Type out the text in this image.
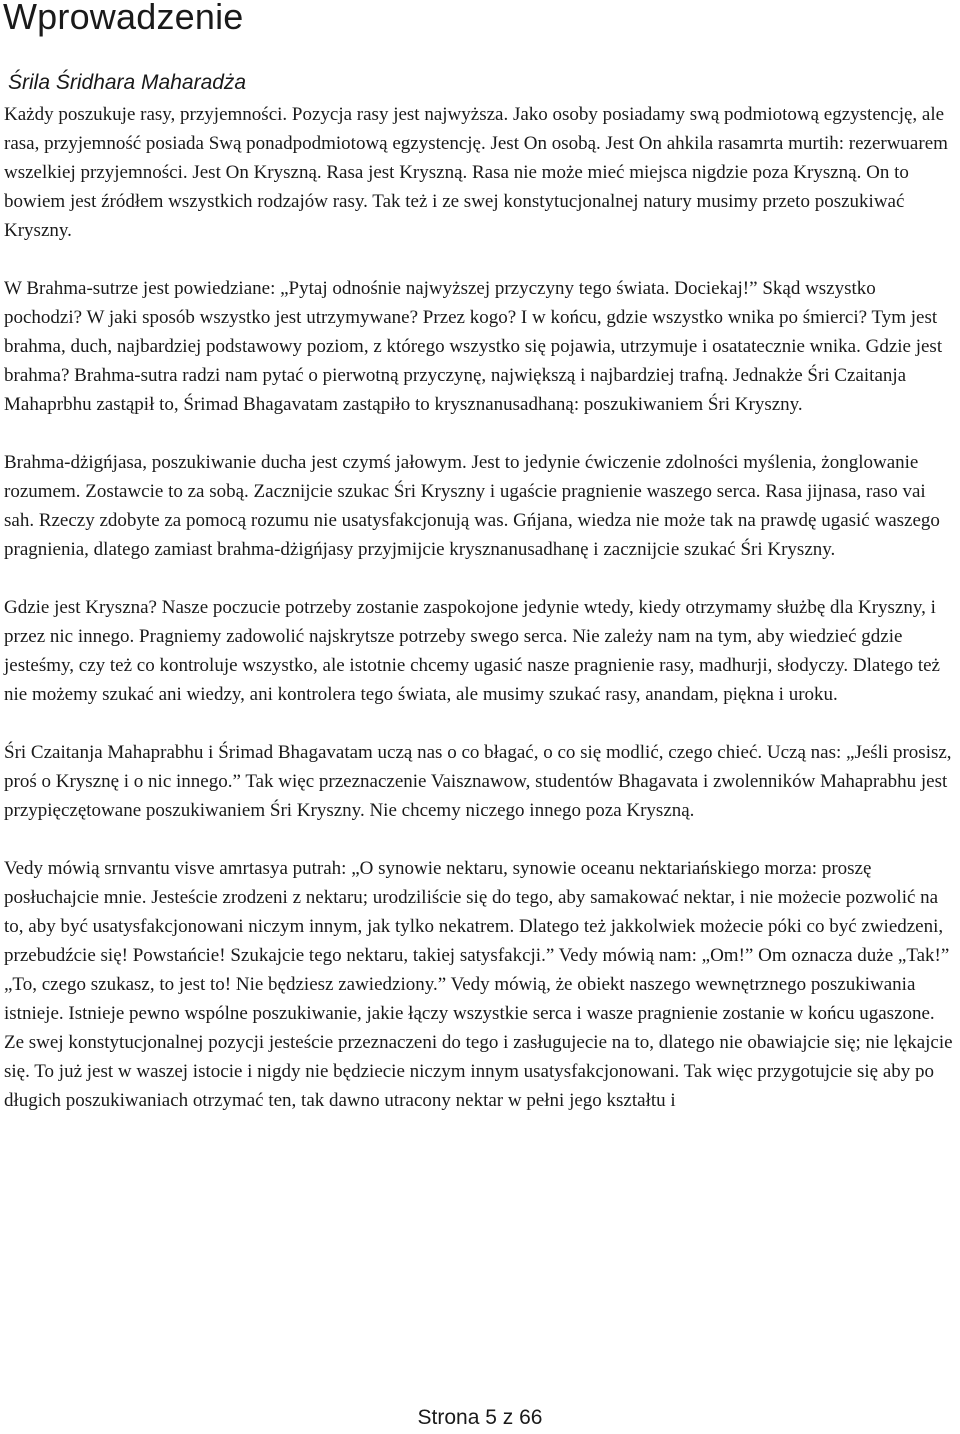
Wprowadzenie
Śrila Śridhara Maharadża

Każdy poszukuje rasy, przyjemności. Pozycja rasy jest najwyższa. Jako osoby posiadamy swą podmiotową egzystencję, ale rasa, przyjemność posiada Swą ponadpodmiotową egzystencję. Jest On osobą. Jest On ahkila rasamrta murtih: rezerwuarem wszelkiej przyjemności. Jest On Kryszną. Rasa jest Kryszną. Rasa nie może mieć miejsca nigdzie poza Kryszną. On to bowiem jest źródłem wszystkich rodzajów rasy. Tak też i ze swej konstytucjonalnej natury musimy przeto poszukiwać Kryszny.

W Brahma-sutrze jest powiedziane: „Pytaj odnośnie najwyższej przyczyny tego świata. Dociekaj!” Skąd wszystko pochodzi? W jaki sposób wszystko jest utrzymywane? Przez kogo? I w końcu, gdzie wszystko wnika po śmierci? Tym jest brahma, duch, najbardziej podstawowy poziom, z którego wszystko się pojawia, utrzymuje i osatatecznie wnika. Gdzie jest brahma? Brahma-sutra radzi nam pytać o pierwotną przyczynę, największą i najbardziej trafną. Jednakże Śri Czaitanja Mahaprbhu zastąpił to, Śrimad Bhagavatam zastąpiło to krysznanusadhaną: poszukiwaniem Śri Kryszny.

Brahma-dżigńjasa, poszukiwanie ducha jest czymś jałowym. Jest to jedynie ćwiczenie zdolności myślenia, żonglowanie rozumem. Zostawcie to za sobą. Zacznijcie szukac Śri Kryszny i ugaście pragnienie waszego serca. Rasa jijnasa, raso vai sah. Rzeczy zdobyte za pomocą rozumu nie usatysfakcjonują was. Gńjana, wiedza nie może tak na prawdę ugasić waszego pragnienia, dlatego zamiast brahma-dżigńjasy przyjmijcie krysznanusadhanę i zacznijcie szukać Śri Kryszny.

Gdzie jest Kryszna? Nasze poczucie potrzeby zostanie zaspokojone jedynie wtedy, kiedy otrzymamy służbę dla Kryszny, i przez nic innego. Pragniemy zadowolić najskrytsze potrzeby swego serca. Nie zależy nam na tym, aby wiedzieć gdzie jesteśmy, czy też co kontroluje wszystko, ale istotnie chcemy ugasić nasze pragnienie rasy, madhurji, słodyczy. Dlatego też nie możemy szukać ani wiedzy, ani kontrolera tego świata, ale musimy szukać rasy, anandam, piękna i uroku.

Śri Czaitanja Mahaprabhu i Śrimad Bhagavatam uczą nas o co błagać, o co się modlić, czego chieć. Uczą nas: „Jeśli prosisz, proś o Krysznę i o nic innego.” Tak więc przeznaczenie Vaisznawow, studentów Bhagavata i zwolenników Mahaprabhu jest przypięczętowane poszukiwaniem Śri Kryszny. Nie chcemy niczego innego poza Kryszną.

Vedy mówią srnvantu visve amrtasya putrah: „O synowie nektaru, synowie oceanu nektariańskiego morza: proszę posłuchajcie mnie. Jesteście zrodzeni z nektaru; urodziliście się do tego, aby samakować nektar, i nie możecie pozwolić na to, aby być usatysfakcjonowani niczym innym, jak tylko nekatrem. Dlatego też jakkolwiek możecie póki co być zwiedzeni, przebudźcie się! Powstańcie! Szukajcie tego nektaru, takiej satysfakcji.” Vedy mówią nam: „Om!” Om oznacza duże „Tak!” „To, czego szukasz, to jest to! Nie będziesz zawiedziony.” Vedy mówią, że obiekt naszego wewnętrznego poszukiwania istnieje. Istnieje pewno wspólne poszukiwanie, jakie łączy wszystkie serca i wasze pragnienie zostanie w końcu ugaszone. Ze swej konstytucjonalnej pozycji jesteście przeznaczeni do tego i zasługujecie na to, dlatego nie obawiajcie się; nie lękajcie się. To już jest w waszej istocie i nigdy nie będziecie niczym innym usatysfakcjonowani. Tak więc przygotujcie się aby po długich poszukiwaniach otrzymać ten, tak dawno utracony nektar w pełni jego kształtu i

Strona 5 z 66
